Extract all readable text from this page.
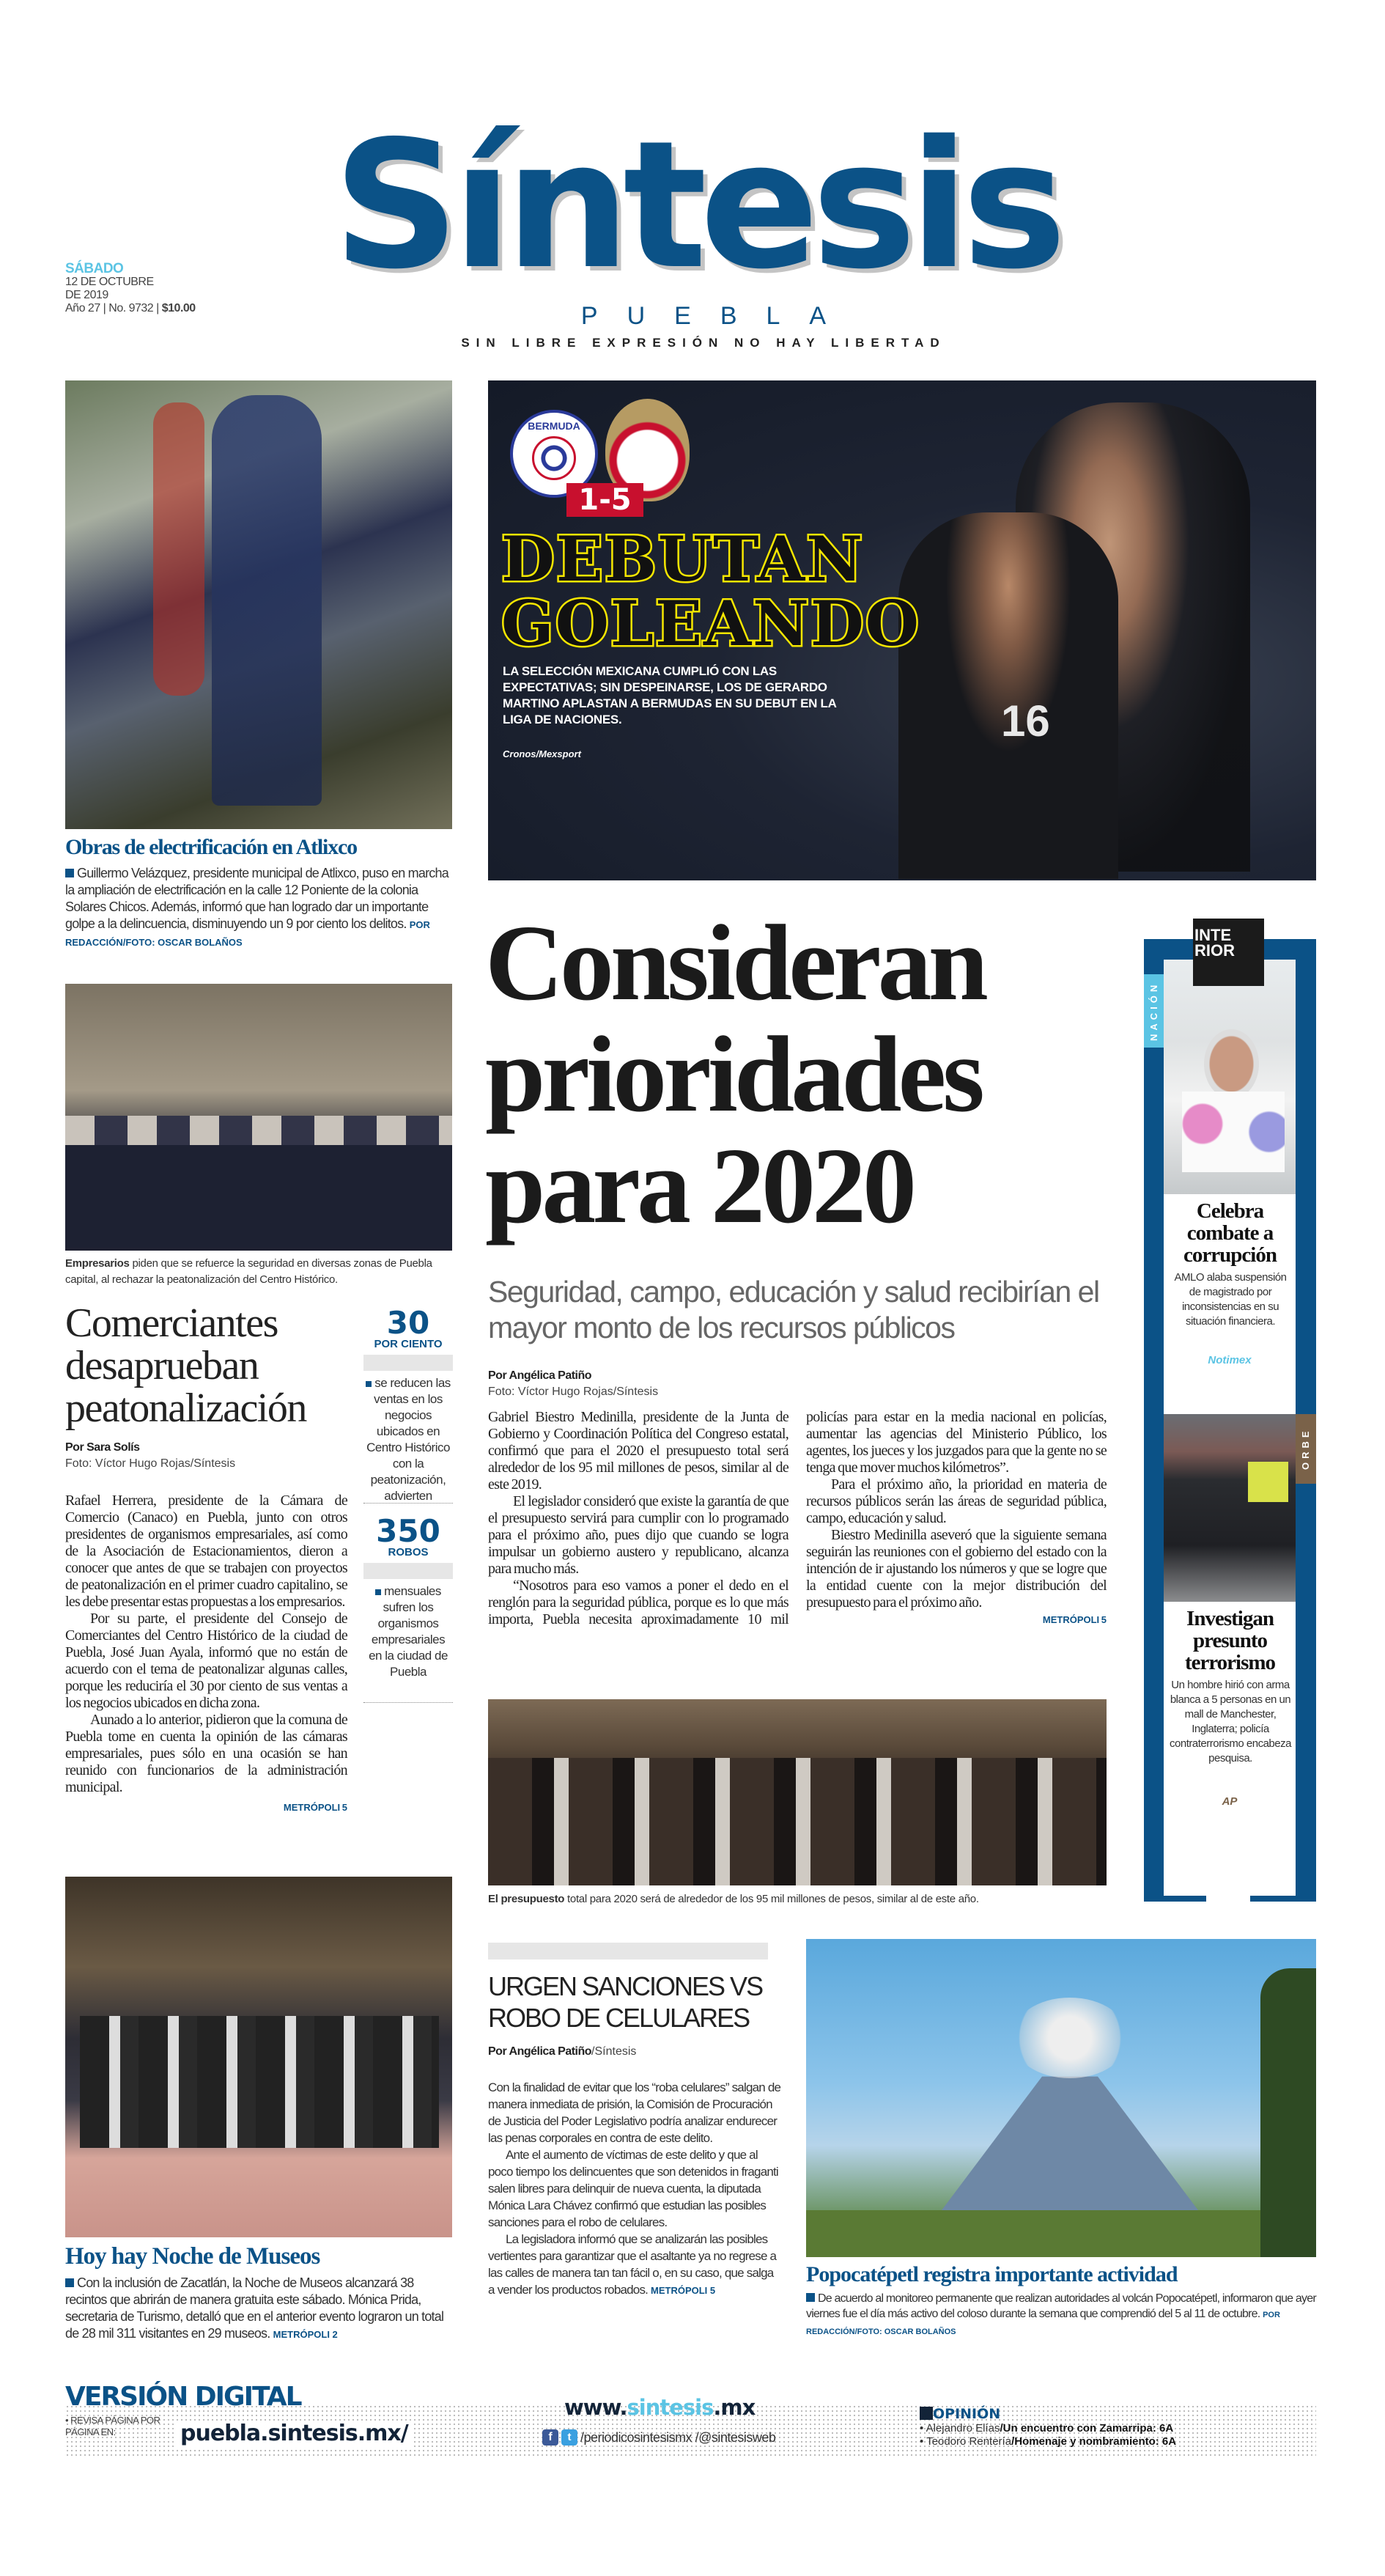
Síntesis
PUEBLA
SIN LIBRE EXPRESIÓN NO HAY LIBERTAD
SÁBADO
12 DE OCTUBRE
DE 2019
Año 27 | No. 9732 | $10.00
Obras de electrificación en Atlixco
Guillermo Velázquez, presidente municipal de Atlixco, puso en marcha la ampliación de electrificación en la calle 12 Poniente de la colonia Solares Chicos. Además, informó que han logrado dar un importante golpe a la delincuencia, disminuyendo un 9 por ciento los delitos. POR REDACCIÓN/FOTO: OSCAR BOLAÑOS
16
BERMUDA
1-5
DEBUTAN
GOLEANDO
LA SELECCIÓN MEXICANA CUMPLIÓ CON LAS EXPECTATIVAS; SIN DESPEINARSE, LOS DE GERARDO MARTINO APLASTAN A BERMUDAS EN SU DEBUT EN LA LIGA DE NACIONES.
Cronos/Mexsport
Empresarios piden que se refuerce la seguridad en diversas zonas de Puebla capital, al rechazar la peatonalización del Centro Histórico.
Comerciantes desaprueban peatonalización
Por Sara Solís
Foto: Víctor Hugo Rojas/Síntesis

Rafael Herrera, presidente de la Cámara de Comercio (Canaco) en Puebla, junto con otros presidentes de organismos empresariales, así como de la Asociación de Estacionamientos, dieron a conocer que antes de que se trabajen con proyectos de peatonalización en el primer cuadro capitalino, se les debe presentar estas propuestas a los empresarios.

Por su parte, el presidente del Consejo de Comerciantes del Centro Histórico de la ciudad de Puebla, José Juan Ayala, informó que no están de acuerdo con el tema de peatonalizar algunas calles, porque les reduciría el 30 por ciento de sus ventas a los negocios ubicados en dicha zona.

Aunado a lo anterior, pidieron que la comuna de Puebla tome en cuenta la opinión de las cámaras empresariales, pues sólo en una ocasión se han reunido con funcionarios de la administración municipal.

METRÓPOLI 5
30
POR CIENTO
se reducen las ventas en los negocios ubicados en Centro Histórico con la peatonización, advierten
350
ROBOS
mensuales sufren los organismos empresariales en la ciudad de Puebla
Consideran prioridades para 2020
Seguridad, campo, educación y salud recibirían el mayor monto de los recursos públicos
Por Angélica Patiño
Foto: Víctor Hugo Rojas/Síntesis

Gabriel Biestro Medinilla, presidente de la Junta de Gobierno y Coordinación Política del Congreso estatal, confirmó que para el 2020 el presupuesto total será alrededor de los 95 mil millones de pesos, similar al de este 2019.

El legislador consideró que existe la garantía de que el presupuesto servirá para cumplir con lo programado para el próximo año, pues dijo que cuando se logra impulsar un gobierno austero y republicano, alcanza para mucho más.

“Nosotros para eso vamos a poner el dedo en el renglón para la seguridad pública, porque es lo que más importa, Puebla necesita aproximadamente 10 mil policías para estar en la media nacional en policías, aumentar las agencias del Ministerio Público, los agentes, los jueces y los juzgados para que la gente no se tenga que mover muchos kilómetros”.

Para el próximo año, la prioridad en materia de recursos públicos serán las áreas de seguridad pública, campo, educación y salud.

Biestro Medinilla aseveró que la siguiente semana seguirán las reuniones con el gobierno del estado con la intención de ir ajustando los números y que se logre que la entidad cuente con la mejor distribución del presupuesto para el próximo año.

METRÓPOLI 5
El presupuesto total para 2020 será de alrededor de los 95 mil millones de pesos, similar al de este año.
NACIÓN
INTE
RIOR
Celebra combate a corrupción
AMLO alaba suspensión de magistrado por inconsistencias en su situación financiera.
Notimex
ORBE
Investigan presunto terrorismo
Un hombre hirió con arma blanca a 5 personas en un mall de Manchester, Inglaterra; policía contraterrorismo encabeza pesquisa.
AP
Hoy hay Noche de Museos
Con la inclusión de Zacatlán, la Noche de Museos alcanzará 38 recintos que abrirán de manera gratuita este sábado. Mónica Prida, secretaria de Turismo, detalló que en el anterior evento lograron un total de 28 mil 311 visitantes en 29 museos. METRÓPOLI 2
URGEN SANCIONES VS ROBO DE CELULARES
Por Angélica Patiño/Síntesis

Con la finalidad de evitar que los “roba celulares” salgan de manera inmediata de prisión, la Comisión de Procuración de Justicia del Poder Legislativo podría analizar endurecer las penas corporales en contra de este delito.

Ante el aumento de víctimas de este delito y que al poco tiempo los delincuentes que son detenidos in fraganti salen libres para delinquir de nueva cuenta, la diputada Mónica Lara Chávez confirmó que estudian las posibles sanciones para el robo de celulares.

La legisladora informó que se analizarán las posibles vertientes para garantizar que el asaltante ya no regrese a las calles de manera tan tan fácil o, en su caso, que salga a vender los productos robados. METRÓPOLI 5

Popocatépetl registra importante actividad
De acuerdo al monitoreo permanente que realizan autoridades al volcán Popocatépetl, informaron que ayer viernes fue el día más activo del coloso durante la semana que comprendió del 5 al 11 de octubre. POR REDACCIÓN/FOTO: OSCAR BOLAÑOS
VERSIÓN DIGITAL
• REVISA PÁGINA POR PÁGINA EN:	puebla.sintesis.mx/
www.sintesis.mx
f	t /periodicosintesismx /@sintesisweb
OPINIÓN
• Alejandro Elías/Un encuentro con Zamarripa: 6A
• Teodoro Rentería/Homenaje y nombramiento: 6A
